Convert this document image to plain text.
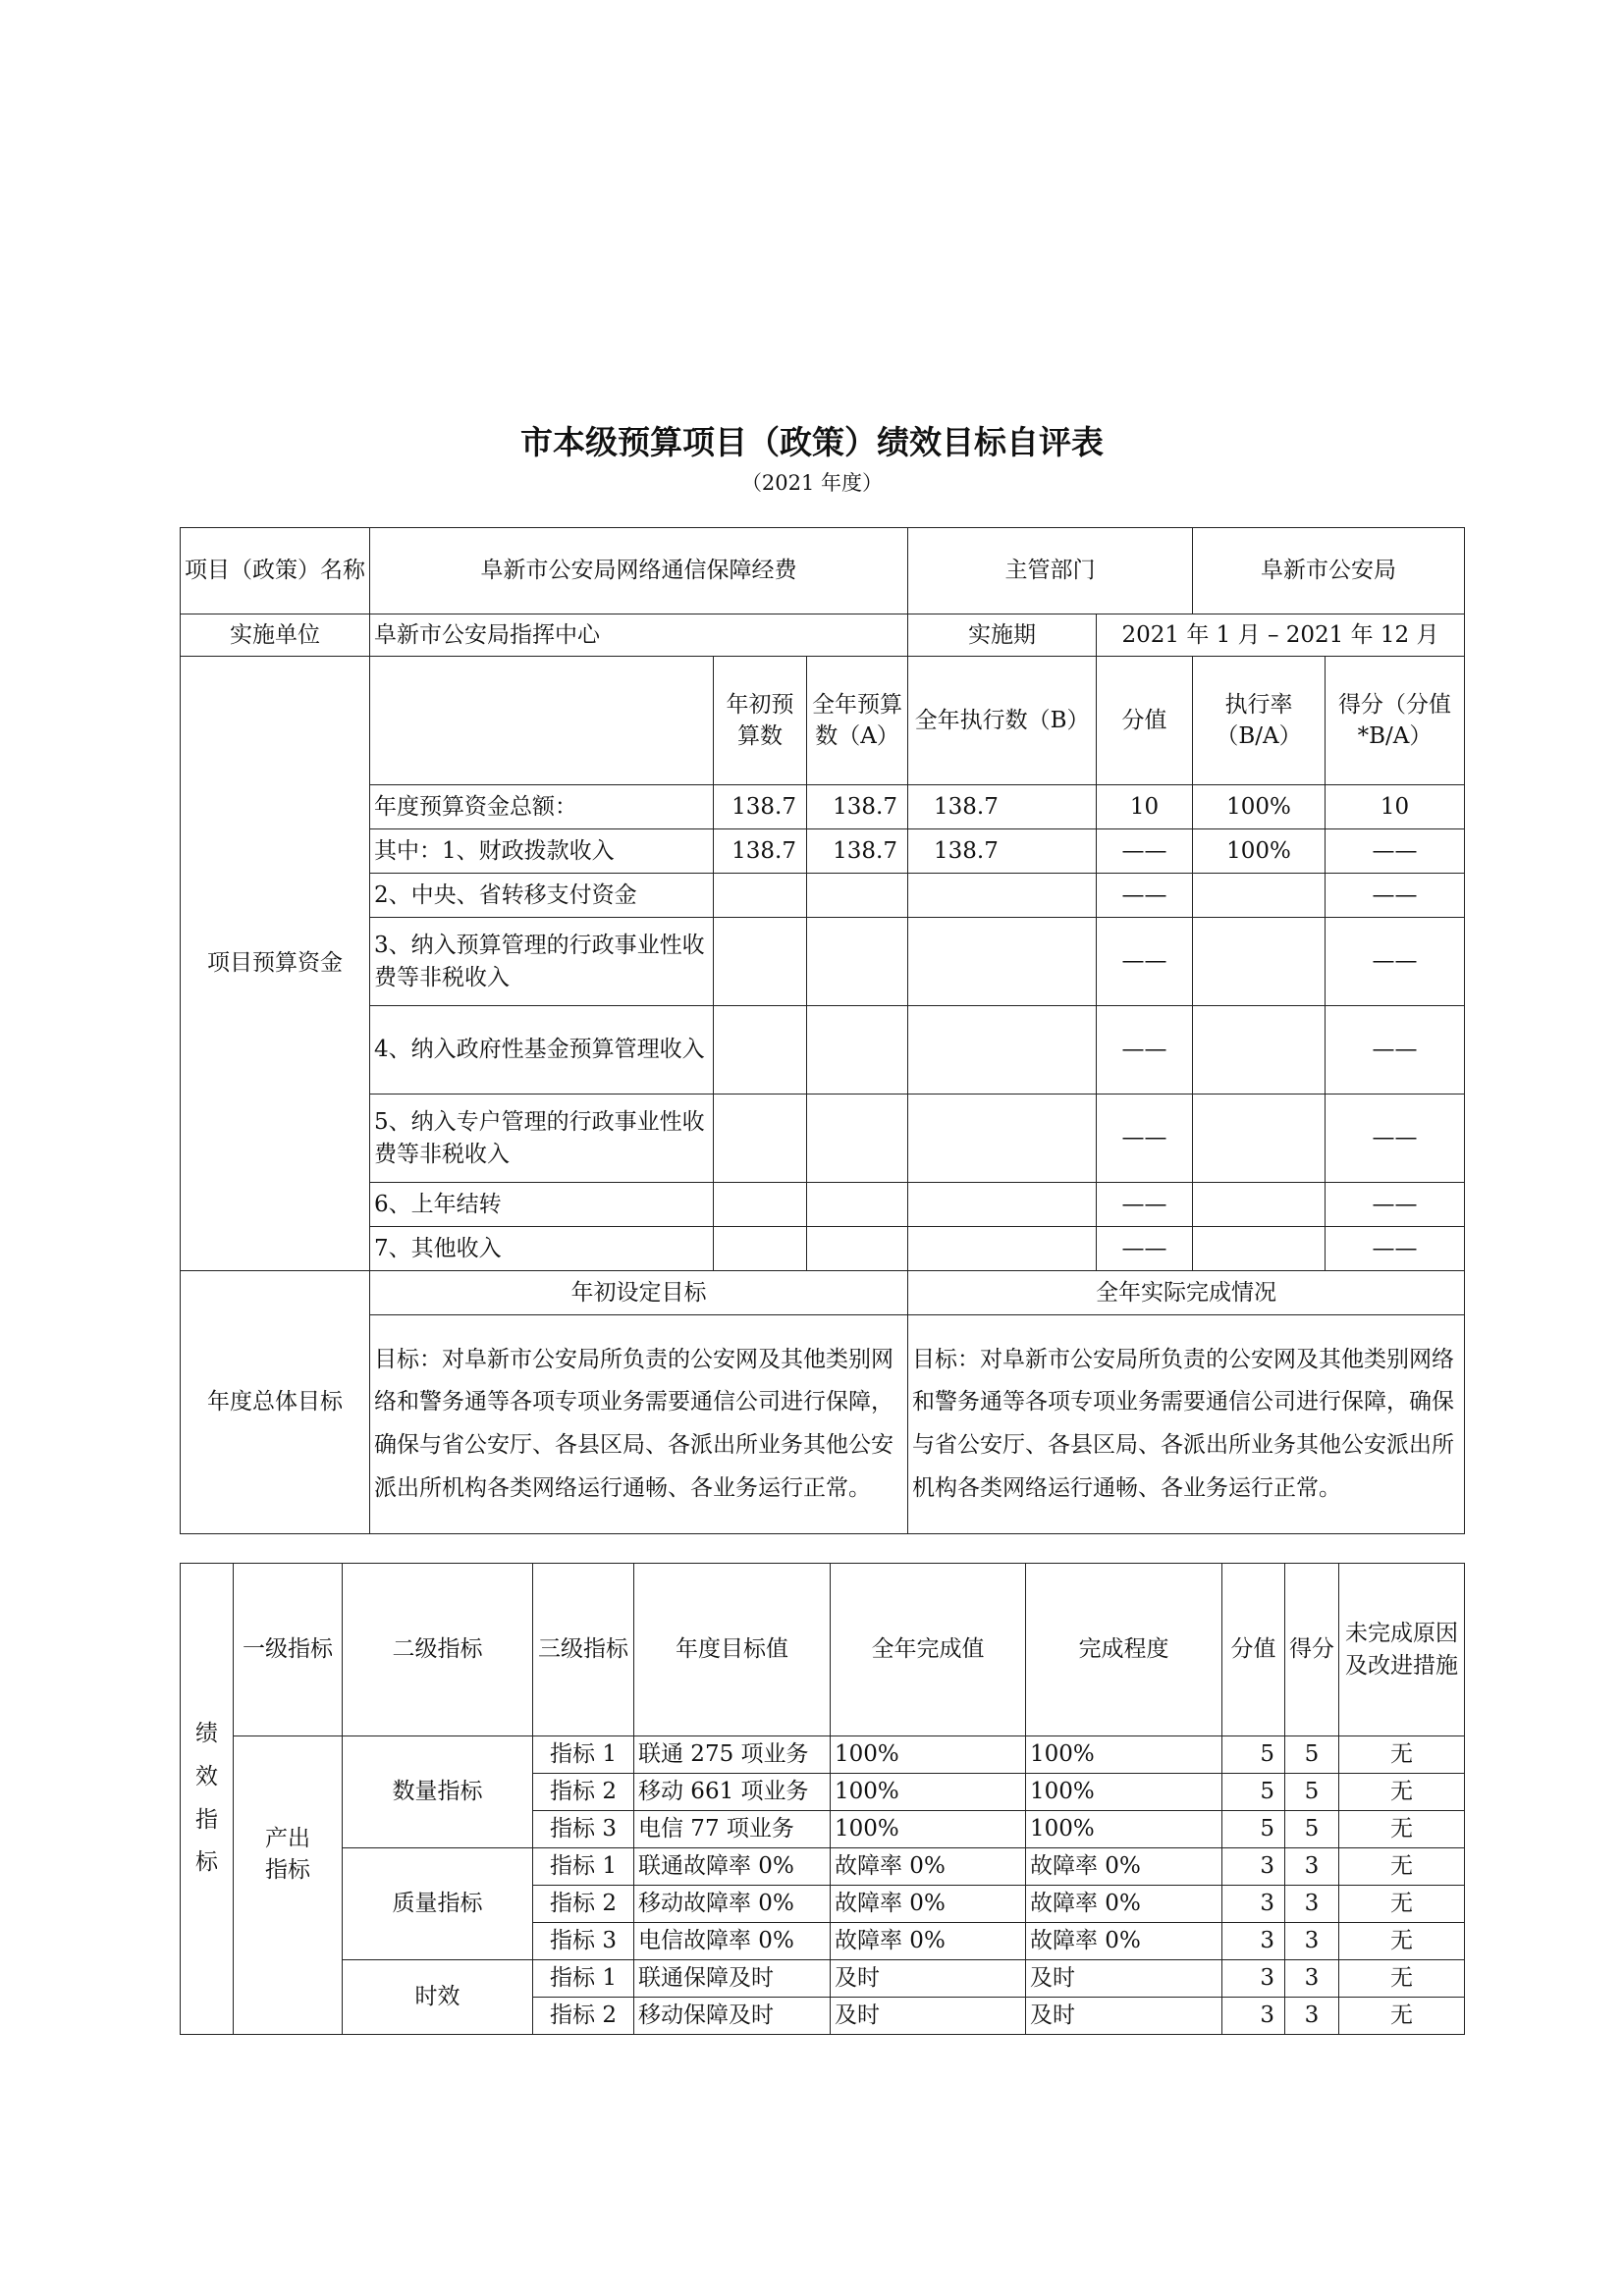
市本级预算项目（政策）绩效目标自评表
（2021 年度）
项目（政策）名称	阜新市公安局网络通信保障经费			主管部门		阜新市公安局	
实施单位	阜新市公安局指挥中心			实施期	2021 年 1 月 – 2021 年 12 月		
项目预算资金		年初预算数	全年预算数（A）	全年执行数（B）	分值	执行率（B/A）	得分（分值*B/A）
	年度预算资金总额：	138.7	138.7	138.7	10	100%	10
	其中：1、财政拨款收入	138.7	138.7	138.7	——	100%	——
	2、中央、省转移支付资金				——		——
	3、纳入预算管理的行政事业性收费等非税收入				——		——
	4、纳入政府性基金预算管理收入				——		——
	5、纳入专户管理的行政事业性收费等非税收入				——		——
	6、上年结转				——		——
	7、其他收入				——		——
年度总体目标	年初设定目标			全年实际完成情况			
	目标：对阜新市公安局所负责的公安网及其他类别网络和警务通等各项专项业务需要通信公司进行保障，确保与省公安厅、各县区局、各派出所业务其他公安派出所机构各类网络运行通畅、各业务运行正常。			目标：对阜新市公安局所负责的公安网及其他类别网络和警务通等各项专项业务需要通信公司进行保障，确保与省公安厅、各县区局、各派出所业务其他公安派出所机构各类网络运行通畅、各业务运行正常。			
绩效指标	一级指标	二级指标	三级指标	年度目标值	全年完成值	完成程度	分值	得分	未完成原因及改进措施
	产出指标	数量指标	指标 1	联通 275 项业务	100%	100%	5	5	无
			指标 2	移动 661 项业务	100%	100%	5	5	无
			指标 3	电信 77 项业务	100%	100%	5	5	无
		质量指标	指标 1	联通故障率 0%	故障率 0%	故障率 0%	3	3	无
			指标 2	移动故障率 0%	故障率 0%	故障率 0%	3	3	无
			指标 3	电信故障率 0%	故障率 0%	故障率 0%	3	3	无
		时效	指标 1	联通保障及时	及时	及时	3	3	无
			指标 2	移动保障及时	及时	及时	3	3	无
